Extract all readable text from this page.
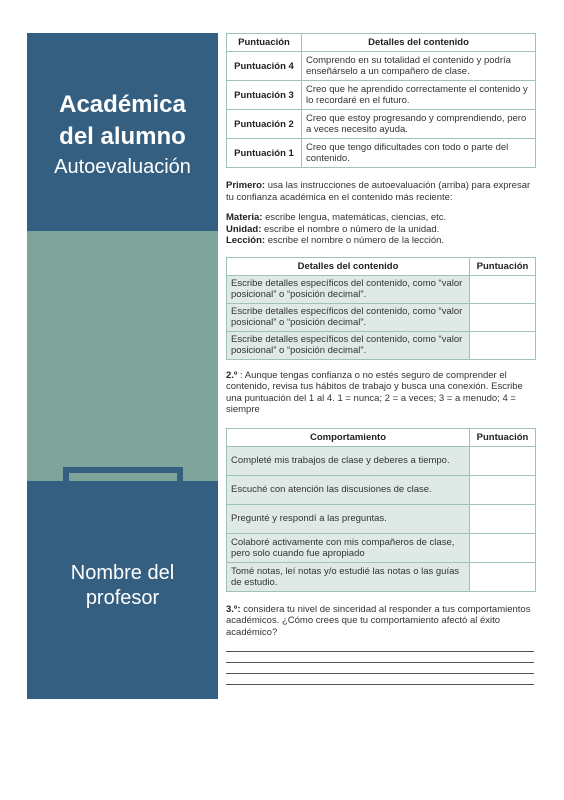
Académica
del alumno
Autoevaluación
Nombre del
profesor
Puntuación	Detalles del contenido
Puntuación 4	Comprendo en su totalidad el contenido y podría enseñárselo a un compañero de clase.
Puntuación 3	Creo que he aprendido correctamente el contenido y lo recordaré en el futuro.
Puntuación 2	Creo que estoy progresando y comprendiendo, pero a veces necesito ayuda.
Puntuación 1	Creo que tengo dificultades con todo o parte del contenido.

Primero: usa las instrucciones de autoevaluación (arriba) para expresar tu confianza académica en el contenido más reciente:

Materia: escribe lengua, matemáticas, ciencias, etc.

Unidad: escribe el nombre o número de la unidad.

Lección: escribe el nombre o número de la lección.

Detalles del contenido	Puntuación
Escribe detalles específicos del contenido, como “valor posicional” o “posición decimal”.	
Escribe detalles específicos del contenido, como “valor posicional” o “posición decimal”.	
Escribe detalles específicos del contenido, como “valor posicional” o “posición decimal”.	

2.º : Aunque tengas confianza o no estés seguro de comprender el contenido, revisa tus hábitos de trabajo y busca una conexión. Escribe una puntuación del 1 al 4. 1 = nunca; 2 = a veces; 3 = a menudo; 4 = siempre

Comportamiento	Puntuación
Completé mis trabajos de clase y deberes a tiempo.	
Escuché con atención las discusiones de clase.	
Pregunté y respondí a las preguntas.	
Colaboré activamente con mis compañeros de clase, pero solo cuando fue apropiado	
Tomé notas, leí notas y/o estudié las notas o las guías de estudio.	

3.º: considera tu nivel de sinceridad al responder a tus comportamientos académicos. ¿Cómo crees que tu comportamiento afectó al éxito académico?
